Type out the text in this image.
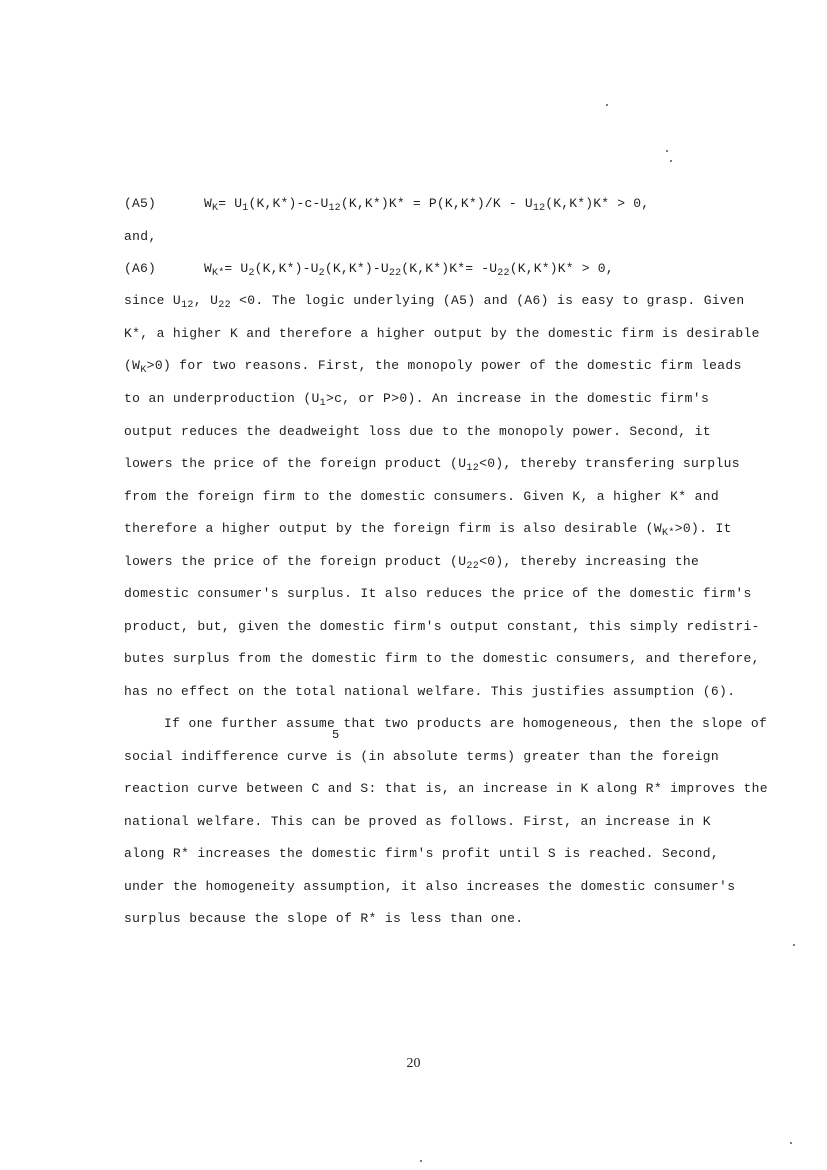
(A5)	$W_K= U_1(K,K*)-c-U_{12}(K,K*)K* = P(K,K*)/K - U_{12}(K,K*)K* > 0$,
and,
(A6)	$W_{K*}= U_2(K,K*)-U_2(K,K*)-U_{22}(K,K*)K*= -U_{22}(K,K*)K* > 0$,
since $U_{12}$, $U_{22} <0$. The logic underlying (A5) and (A6) is easy to grasp. Given
K*, a higher K and therefore a higher output by the domestic firm is desirable
$(W_K>0)$ for two reasons. First, the monopoly power of the domestic firm leads
to an underproduction ($U_1>c$, or P>0). An increase in the domestic firm's
output reduces the deadweight loss due to the monopoly power. Second, it
lowers the price of the foreign product $(U_{12}<0)$, thereby transfering surplus
from the foreign firm to the domestic consumers. Given K, a higher K* and
therefore a higher output by the foreign firm is also desirable $(W_{K*}>0)$. It
lowers the price of the foreign product $(U_{22}<0)$, thereby increasing the
domestic consumer's surplus. It also reduces the price of the domestic firm's
product, but, given the domestic firm's output constant, this simply redistri-
butes surplus from the domestic firm to the domestic consumers, and therefore,
has no effect on the total national welfare. This justifies assumption (6).
If one further assume that two products are homogeneous, then the slope of
5
social indifference curve is (in absolute terms) greater than the foreign
reaction curve between C and S: that is, an increase in K along R* improves the
national welfare. This can be proved as follows. First, an increase in K
along R* increases the domestic firm's profit until S is reached. Second,
under the homogeneity assumption, it also increases the domestic consumer's
surplus because the slope of R* is less than one.
20
